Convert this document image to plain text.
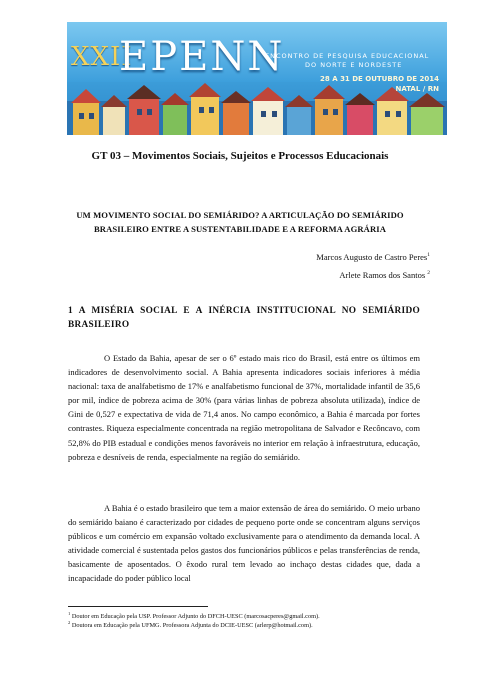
XXII
EPENN
ENCONTRO DE PESQUISA EDUCACIONAL
DO NORTE E NORDESTE
28 A 31 DE OUTUBRO DE 2014
NATAL / RN
GT 03 – Movimentos Sociais, Sujeitos e Processos Educacionais
UM MOVIMENTO SOCIAL DO SEMIÁRIDO? A ARTICULAÇÃO DO SEMIÁRIDO
BRASILEIRO ENTRE A SUSTENTABILIDADE E A REFORMA AGRÁRIA
Marcos Augusto de Castro Peres$^1$
Arlete Ramos dos Santos $^2$
1 A MISÉRIA SOCIAL E A INÉRCIA INSTITUCIONAL NO SEMIÁRIDO BRASILEIRO

O Estado da Bahia, apesar de ser o 6º estado mais rico do Brasil, está entre os últimos em indicadores de desenvolvimento social. A Bahia apresenta indicadores sociais inferiores à média nacional: taxa de analfabetismo de 17% e analfabetismo funcional de 37%, mortalidade infantil de 35,6 por mil, índice de pobreza acima de 30% (para várias linhas de pobreza absoluta utilizada), índice de Gini de 0,527 e expectativa de vida de 71,4 anos. No campo econômico, a Bahia é marcada por fortes contrastes. Riqueza especialmente concentrada na região metropolitana de Salvador e Recôncavo, com 52,8% do PIB estadual e condições menos favoráveis no interior em relação à infraestrutura, educação, pobreza e desníveis de renda, especialmente na região do semiárido.

A Bahia é o estado brasileiro que tem a maior extensão de área do semiárido. O meio urbano do semiárido baiano é caracterizado por cidades de pequeno porte onde se concentram alguns serviços públicos e um comércio em expansão voltado exclusivamente para o atendimento da demanda local. A atividade comercial é sustentada pelos gastos dos funcionários públicos e pelas transferências de renda, basicamente de aposentados. O êxodo rural tem levado ao inchaço destas cidades que, dada a incapacidade do poder público local

$^1$ Doutor em Educação pela USP. Professor Adjunto do DFCH-UESC (marcosacperes@gmail.com).
$^2$ Doutora em Educação pela UFMG. Professora Adjunta do DCIE-UESC (arlerp@hotmail.com).
